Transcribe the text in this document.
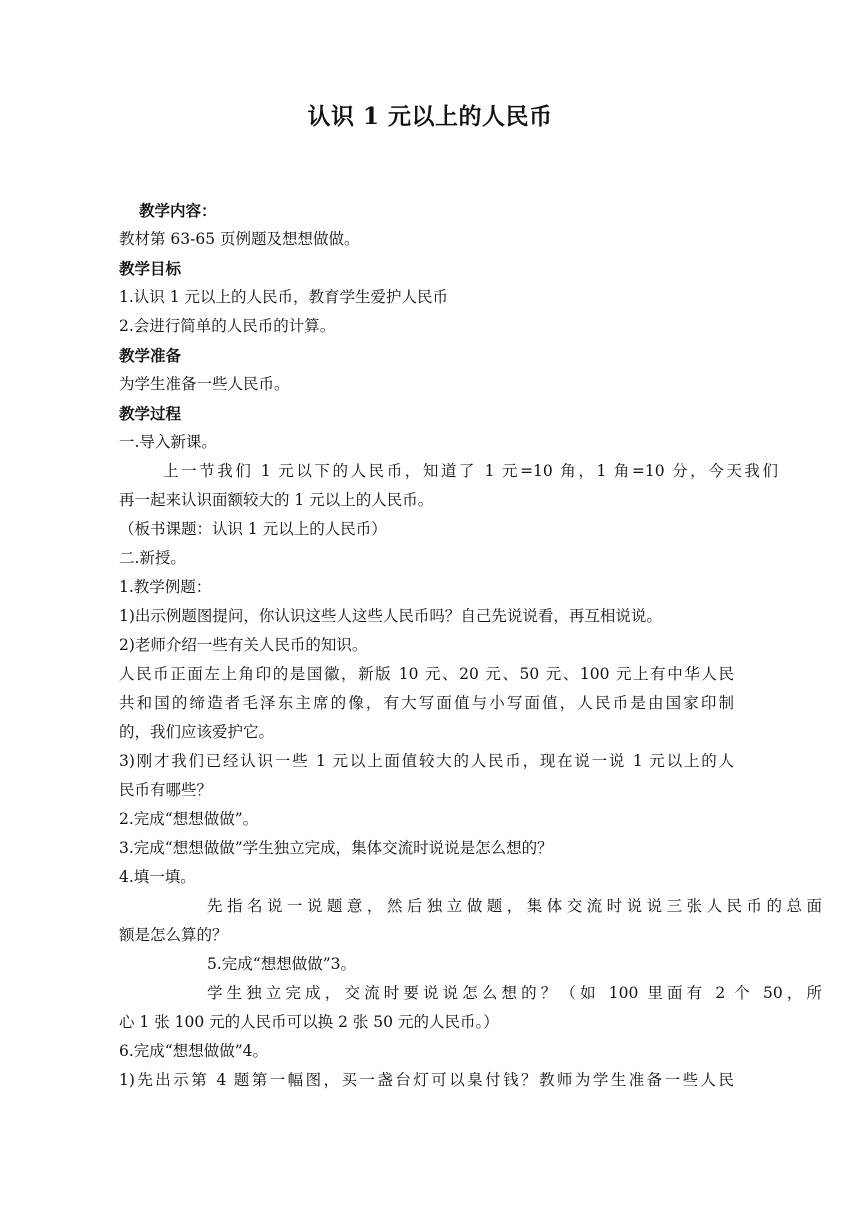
认识 1 元以上的人民币
教学内容：
教材第 63-65 页例题及想想做做。
教学目标
1.认识 1 元以上的人民币，教育学生爱护人民币
2.会进行简单的人民币的计算。
教学准备
为学生准备一些人民币。
教学过程
一.导入新课。
上一节我们 1 元以下的人民币，知道了 1 元=10 角，1 角=10 分，今天我们
再一起来认识面额较大的 1 元以上的人民币。
（板书课题：认识 1 元以上的人民币）
二.新授。
1.教学例题：
1)出示例题图提问，你认识这些人这些人民币吗？自己先说说看，再互相说说。
2)老师介绍一些有关人民币的知识。
人民币正面左上角印的是国徽，新版 10 元、20 元、50 元、100 元上有中华人民
共和国的缔造者毛泽东主席的像，有大写面值与小写面值，人民币是由国家印制
的，我们应该爱护它。
3)刚才我们已经认识一些 1 元以上面值较大的人民币，现在说一说 1 元以上的人
民币有哪些？
2.完成“想想做做”。
3.完成“想想做做”学生独立完成，集体交流时说说是怎么想的？
4.填一填。
先指名说一说题意，然后独立做题，集体交流时说说三张人民币的总面
额是怎么算的？
5.完成“想想做做”3。
学生独立完成，交流时要说说怎么想的？（如 100 里面有 2 个 50，所
心 1 张 100 元的人民币可以换 2 张 50 元的人民币。）
6.完成“想想做做”4。
1)先出示第 4 题第一幅图，买一盏台灯可以臬付钱？教师为学生准备一些人民
